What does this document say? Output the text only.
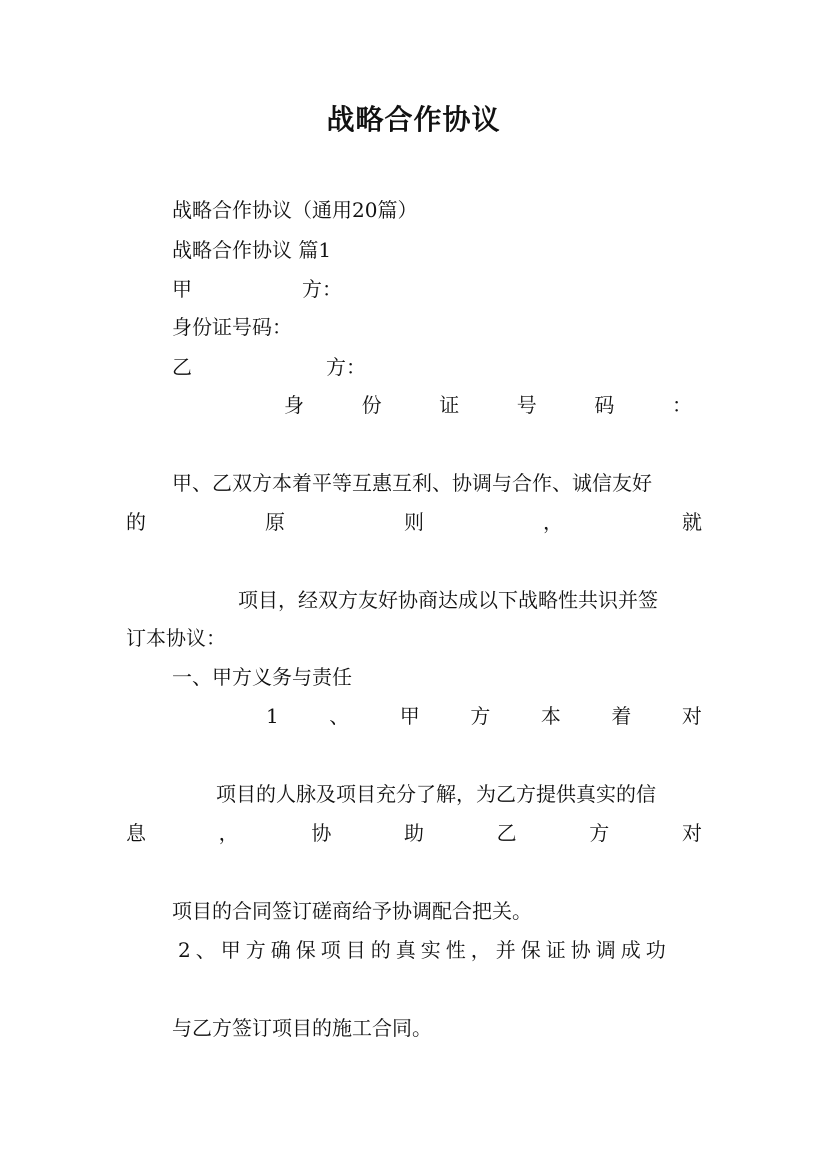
战略合作协议
战略合作协议（通用20篇）
战略合作协议 篇1
甲	方：
身份证号码：
乙	方：
身	份	证	号	码	：
甲、乙双方本着平等互惠互利、协调与合作、诚信友好
的	原	则	，	就
项目，经双方友好协商达成以下战略性共识并签
订本协议：
一、甲方义务与责任
1	、	甲	方	本	着	对
项目的人脉及项目充分了解，为乙方提供真实的信
息	，	协	助	乙	方	对
项目的合同签订磋商给予协调配合把关。
2、甲方确保项目的真实性，并保证协调成功
与乙方签订项目的施工合同。
